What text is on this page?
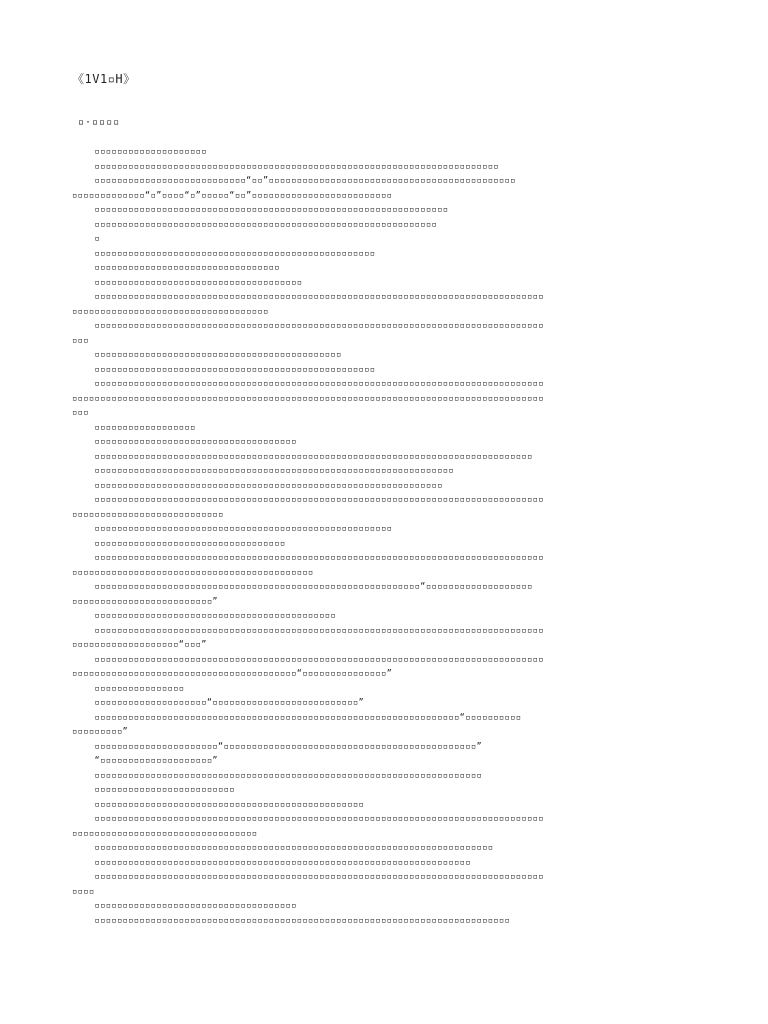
《1V1▫H》
▫·▫▫▫▫
▫▫▫▫▫▫▫▫▫▫▫▫▫▫▫▫▫▫▫▫
▫▫▫▫▫▫▫▫▫▫▫▫▫▫▫▫▫▫▫▫▫▫▫▫▫▫▫▫▫▫▫▫▫▫▫▫▫▫▫▫▫▫▫▫▫▫▫▫▫▫▫▫▫▫▫▫▫▫▫▫▫▫▫▫▫▫▫▫▫▫▫▫
▫▫▫▫▫▫▫▫▫▫▫▫▫▫▫▫▫▫▫▫▫▫▫▫▫▫▫“▫▫”▫▫▫▫▫▫▫▫▫▫▫▫▫▫▫▫▫▫▫▫▫▫▫▫▫▫▫▫▫▫▫▫▫▫▫▫▫▫▫▫▫▫▫▫
▫▫▫▫▫▫▫▫▫▫▫▫▫“▫”▫▫▫▫“▫”▫▫▫▫▫“▫▫”▫▫▫▫▫▫▫▫▫▫▫▫▫▫▫▫▫▫▫▫▫▫▫▫▫
▫▫▫▫▫▫▫▫▫▫▫▫▫▫▫▫▫▫▫▫▫▫▫▫▫▫▫▫▫▫▫▫▫▫▫▫▫▫▫▫▫▫▫▫▫▫▫▫▫▫▫▫▫▫▫▫▫▫▫▫▫▫▫
▫▫▫▫▫▫▫▫▫▫▫▫▫▫▫▫▫▫▫▫▫▫▫▫▫▫▫▫▫▫▫▫▫▫▫▫▫▫▫▫▫▫▫▫▫▫▫▫▫▫▫▫▫▫▫▫▫▫▫▫▫
▫
▫▫▫▫▫▫▫▫▫▫▫▫▫▫▫▫▫▫▫▫▫▫▫▫▫▫▫▫▫▫▫▫▫▫▫▫▫▫▫▫▫▫▫▫▫▫▫▫▫▫
▫▫▫▫▫▫▫▫▫▫▫▫▫▫▫▫▫▫▫▫▫▫▫▫▫▫▫▫▫▫▫▫▫
▫▫▫▫▫▫▫▫▫▫▫▫▫▫▫▫▫▫▫▫▫▫▫▫▫▫▫▫▫▫▫▫▫▫▫▫▫
▫▫▫▫▫▫▫▫▫▫▫▫▫▫▫▫▫▫▫▫▫▫▫▫▫▫▫▫▫▫▫▫▫▫▫▫▫▫▫▫▫▫▫▫▫▫▫▫▫▫▫▫▫▫▫▫▫▫▫▫▫▫▫▫▫▫▫▫▫▫▫▫▫▫▫▫▫▫▫▫
▫▫▫▫▫▫▫▫▫▫▫▫▫▫▫▫▫▫▫▫▫▫▫▫▫▫▫▫▫▫▫▫▫▫▫
▫▫▫▫▫▫▫▫▫▫▫▫▫▫▫▫▫▫▫▫▫▫▫▫▫▫▫▫▫▫▫▫▫▫▫▫▫▫▫▫▫▫▫▫▫▫▫▫▫▫▫▫▫▫▫▫▫▫▫▫▫▫▫▫▫▫▫▫▫▫▫▫▫▫▫▫▫▫▫▫
▫▫▫
▫▫▫▫▫▫▫▫▫▫▫▫▫▫▫▫▫▫▫▫▫▫▫▫▫▫▫▫▫▫▫▫▫▫▫▫▫▫▫▫▫▫▫▫
▫▫▫▫▫▫▫▫▫▫▫▫▫▫▫▫▫▫▫▫▫▫▫▫▫▫▫▫▫▫▫▫▫▫▫▫▫▫▫▫▫▫▫▫▫▫▫▫▫▫
▫▫▫▫▫▫▫▫▫▫▫▫▫▫▫▫▫▫▫▫▫▫▫▫▫▫▫▫▫▫▫▫▫▫▫▫▫▫▫▫▫▫▫▫▫▫▫▫▫▫▫▫▫▫▫▫▫▫▫▫▫▫▫▫▫▫▫▫▫▫▫▫▫▫▫▫▫▫▫▫
▫▫▫▫▫▫▫▫▫▫▫▫▫▫▫▫▫▫▫▫▫▫▫▫▫▫▫▫▫▫▫▫▫▫▫▫▫▫▫▫▫▫▫▫▫▫▫▫▫▫▫▫▫▫▫▫▫▫▫▫▫▫▫▫▫▫▫▫▫▫▫▫▫▫▫▫▫▫▫▫▫▫▫▫
▫▫▫
▫▫▫▫▫▫▫▫▫▫▫▫▫▫▫▫▫▫
▫▫▫▫▫▫▫▫▫▫▫▫▫▫▫▫▫▫▫▫▫▫▫▫▫▫▫▫▫▫▫▫▫▫▫▫
▫▫▫▫▫▫▫▫▫▫▫▫▫▫▫▫▫▫▫▫▫▫▫▫▫▫▫▫▫▫▫▫▫▫▫▫▫▫▫▫▫▫▫▫▫▫▫▫▫▫▫▫▫▫▫▫▫▫▫▫▫▫▫▫▫▫▫▫▫▫▫▫▫▫▫▫▫▫
▫▫▫▫▫▫▫▫▫▫▫▫▫▫▫▫▫▫▫▫▫▫▫▫▫▫▫▫▫▫▫▫▫▫▫▫▫▫▫▫▫▫▫▫▫▫▫▫▫▫▫▫▫▫▫▫▫▫▫▫▫▫▫▫
▫▫▫▫▫▫▫▫▫▫▫▫▫▫▫▫▫▫▫▫▫▫▫▫▫▫▫▫▫▫▫▫▫▫▫▫▫▫▫▫▫▫▫▫▫▫▫▫▫▫▫▫▫▫▫▫▫▫▫▫▫▫
▫▫▫▫▫▫▫▫▫▫▫▫▫▫▫▫▫▫▫▫▫▫▫▫▫▫▫▫▫▫▫▫▫▫▫▫▫▫▫▫▫▫▫▫▫▫▫▫▫▫▫▫▫▫▫▫▫▫▫▫▫▫▫▫▫▫▫▫▫▫▫▫▫▫▫▫▫▫▫▫
▫▫▫▫▫▫▫▫▫▫▫▫▫▫▫▫▫▫▫▫▫▫▫▫▫▫▫
▫▫▫▫▫▫▫▫▫▫▫▫▫▫▫▫▫▫▫▫▫▫▫▫▫▫▫▫▫▫▫▫▫▫▫▫▫▫▫▫▫▫▫▫▫▫▫▫▫▫▫▫▫
▫▫▫▫▫▫▫▫▫▫▫▫▫▫▫▫▫▫▫▫▫▫▫▫▫▫▫▫▫▫▫▫▫▫
▫▫▫▫▫▫▫▫▫▫▫▫▫▫▫▫▫▫▫▫▫▫▫▫▫▫▫▫▫▫▫▫▫▫▫▫▫▫▫▫▫▫▫▫▫▫▫▫▫▫▫▫▫▫▫▫▫▫▫▫▫▫▫▫▫▫▫▫▫▫▫▫▫▫▫▫▫▫▫▫
▫▫▫▫▫▫▫▫▫▫▫▫▫▫▫▫▫▫▫▫▫▫▫▫▫▫▫▫▫▫▫▫▫▫▫▫▫▫▫▫▫▫▫
▫▫▫▫▫▫▫▫▫▫▫▫▫▫▫▫▫▫▫▫▫▫▫▫▫▫▫▫▫▫▫▫▫▫▫▫▫▫▫▫▫▫▫▫▫▫▫▫▫▫▫▫▫▫▫▫▫▫“▫▫▫▫▫▫▫▫▫▫▫▫▫▫▫▫▫▫▫
▫▫▫▫▫▫▫▫▫▫▫▫▫▫▫▫▫▫▫▫▫▫▫▫▫”
▫▫▫▫▫▫▫▫▫▫▫▫▫▫▫▫▫▫▫▫▫▫▫▫▫▫▫▫▫▫▫▫▫▫▫▫▫▫▫▫▫▫▫
▫▫▫▫▫▫▫▫▫▫▫▫▫▫▫▫▫▫▫▫▫▫▫▫▫▫▫▫▫▫▫▫▫▫▫▫▫▫▫▫▫▫▫▫▫▫▫▫▫▫▫▫▫▫▫▫▫▫▫▫▫▫▫▫▫▫▫▫▫▫▫▫▫▫▫▫▫▫▫▫
▫▫▫▫▫▫▫▫▫▫▫▫▫▫▫▫▫▫▫“▫▫▫”
▫▫▫▫▫▫▫▫▫▫▫▫▫▫▫▫▫▫▫▫▫▫▫▫▫▫▫▫▫▫▫▫▫▫▫▫▫▫▫▫▫▫▫▫▫▫▫▫▫▫▫▫▫▫▫▫▫▫▫▫▫▫▫▫▫▫▫▫▫▫▫▫▫▫▫▫▫▫▫▫
▫▫▫▫▫▫▫▫▫▫▫▫▫▫▫▫▫▫▫▫▫▫▫▫▫▫▫▫▫▫▫▫▫▫▫▫▫▫▫▫“▫▫▫▫▫▫▫▫▫▫▫▫▫▫▫”
▫▫▫▫▫▫▫▫▫▫▫▫▫▫▫▫
▫▫▫▫▫▫▫▫▫▫▫▫▫▫▫▫▫▫▫▫“▫▫▫▫▫▫▫▫▫▫▫▫▫▫▫▫▫▫▫▫▫▫▫▫▫▫”
▫▫▫▫▫▫▫▫▫▫▫▫▫▫▫▫▫▫▫▫▫▫▫▫▫▫▫▫▫▫▫▫▫▫▫▫▫▫▫▫▫▫▫▫▫▫▫▫▫▫▫▫▫▫▫▫▫▫▫▫▫▫▫▫▫“▫▫▫▫▫▫▫▫▫▫
▫▫▫▫▫▫▫▫▫”
▫▫▫▫▫▫▫▫▫▫▫▫▫▫▫▫▫▫▫▫▫▫“▫▫▫▫▫▫▫▫▫▫▫▫▫▫▫▫▫▫▫▫▫▫▫▫▫▫▫▫▫▫▫▫▫▫▫▫▫▫▫▫▫▫▫▫▫”
“▫▫▫▫▫▫▫▫▫▫▫▫▫▫▫▫▫▫▫▫”
▫▫▫▫▫▫▫▫▫▫▫▫▫▫▫▫▫▫▫▫▫▫▫▫▫▫▫▫▫▫▫▫▫▫▫▫▫▫▫▫▫▫▫▫▫▫▫▫▫▫▫▫▫▫▫▫▫▫▫▫▫▫▫▫▫▫▫▫▫
▫▫▫▫▫▫▫▫▫▫▫▫▫▫▫▫▫▫▫▫▫▫▫▫▫
▫▫▫▫▫▫▫▫▫▫▫▫▫▫▫▫▫▫▫▫▫▫▫▫▫▫▫▫▫▫▫▫▫▫▫▫▫▫▫▫▫▫▫▫▫▫▫▫
▫▫▫▫▫▫▫▫▫▫▫▫▫▫▫▫▫▫▫▫▫▫▫▫▫▫▫▫▫▫▫▫▫▫▫▫▫▫▫▫▫▫▫▫▫▫▫▫▫▫▫▫▫▫▫▫▫▫▫▫▫▫▫▫▫▫▫▫▫▫▫▫▫▫▫▫▫▫▫▫
▫▫▫▫▫▫▫▫▫▫▫▫▫▫▫▫▫▫▫▫▫▫▫▫▫▫▫▫▫▫▫▫▫
▫▫▫▫▫▫▫▫▫▫▫▫▫▫▫▫▫▫▫▫▫▫▫▫▫▫▫▫▫▫▫▫▫▫▫▫▫▫▫▫▫▫▫▫▫▫▫▫▫▫▫▫▫▫▫▫▫▫▫▫▫▫▫▫▫▫▫▫▫▫▫
▫▫▫▫▫▫▫▫▫▫▫▫▫▫▫▫▫▫▫▫▫▫▫▫▫▫▫▫▫▫▫▫▫▫▫▫▫▫▫▫▫▫▫▫▫▫▫▫▫▫▫▫▫▫▫▫▫▫▫▫▫▫▫▫▫▫▫
▫▫▫▫▫▫▫▫▫▫▫▫▫▫▫▫▫▫▫▫▫▫▫▫▫▫▫▫▫▫▫▫▫▫▫▫▫▫▫▫▫▫▫▫▫▫▫▫▫▫▫▫▫▫▫▫▫▫▫▫▫▫▫▫▫▫▫▫▫▫▫▫▫▫▫▫▫▫▫▫
▫▫▫▫
▫▫▫▫▫▫▫▫▫▫▫▫▫▫▫▫▫▫▫▫▫▫▫▫▫▫▫▫▫▫▫▫▫▫▫▫
▫▫▫▫▫▫▫▫▫▫▫▫▫▫▫▫▫▫▫▫▫▫▫▫▫▫▫▫▫▫▫▫▫▫▫▫▫▫▫▫▫▫▫▫▫▫▫▫▫▫▫▫▫▫▫▫▫▫▫▫▫▫▫▫▫▫▫▫▫▫▫▫▫▫
